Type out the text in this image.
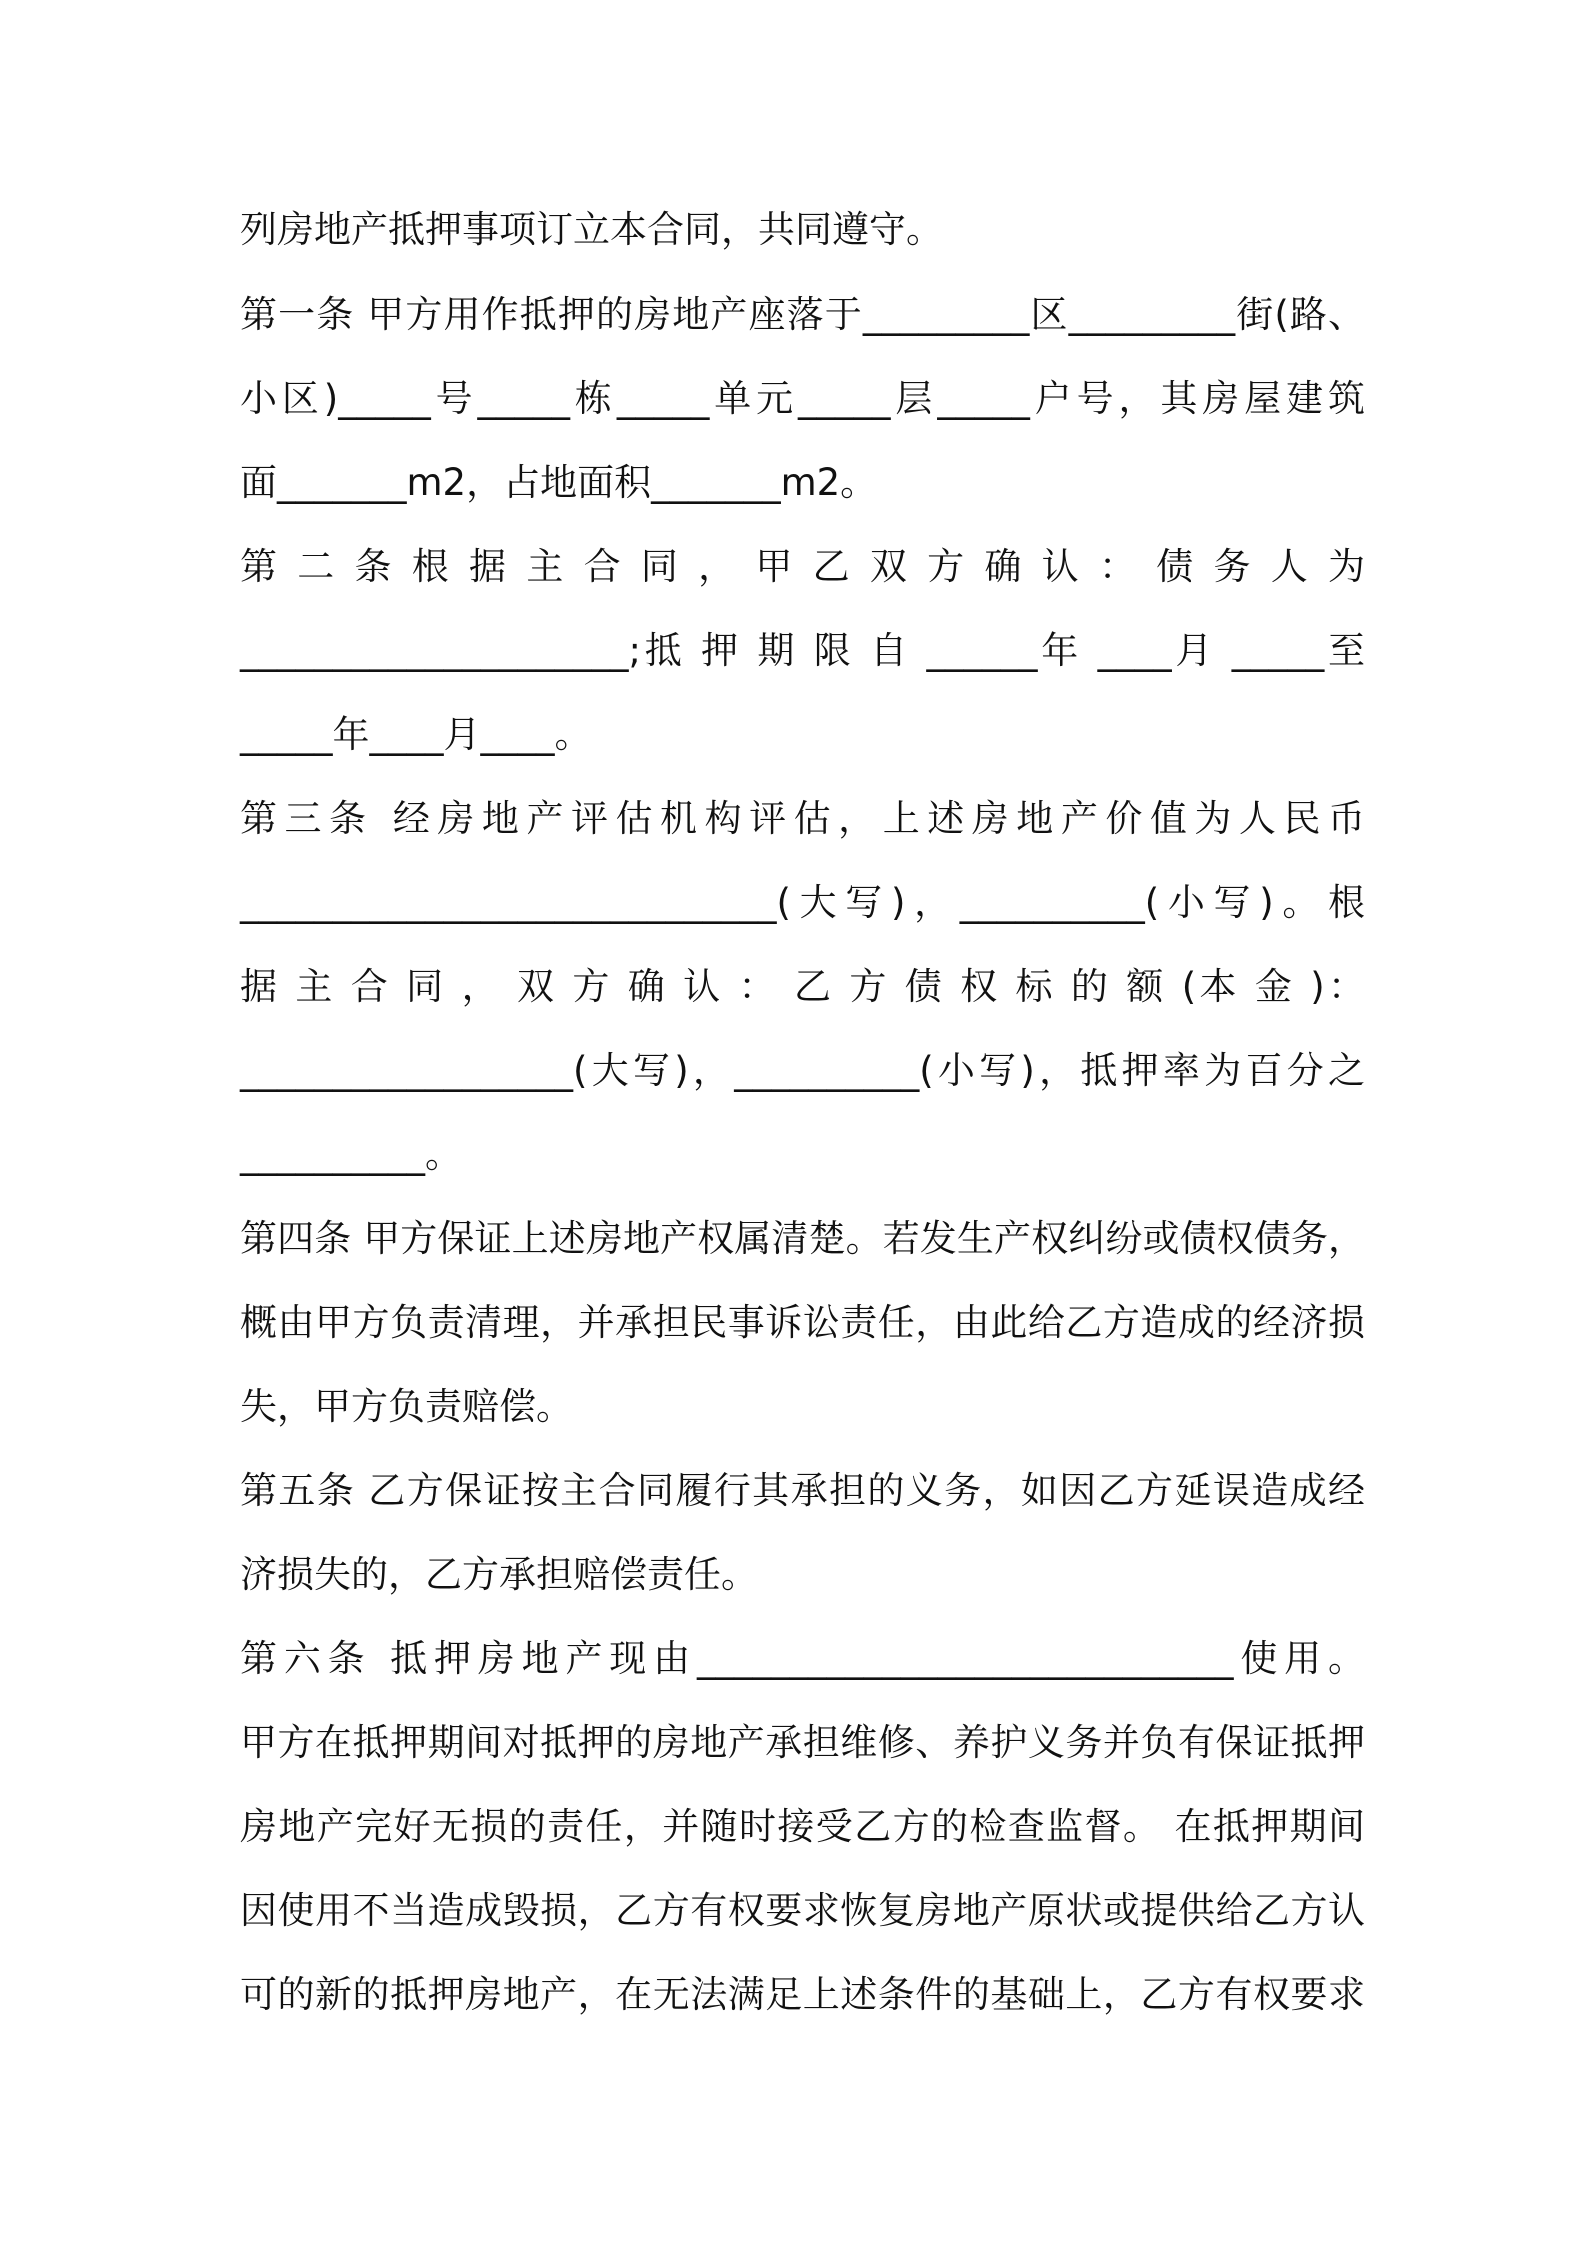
列房地产抵押事项订立本合同，共同遵守。
第一条 甲方用作抵押的房地产座落于_________区_________街(路、
小区)_____号_____栋_____单元_____层_____户号，其房屋建筑
面_______m2，占地面积_______m2。
第 二 条 根 据 主 合 同 ， 甲 乙 双 方 确 认 ： 债 务 人 为
_____________________;抵 押 期 限 自 ______年 ____月 _____至
_____年____月____。
第三条 经房地产评估机构评估，上述房地产价值为人民币
_____________________________(大写)，__________(小写)。根
据 主 合 同 ， 双 方 确 认 ： 乙 方 债 权 标 的 额 (本 金 )：
__________________(大写)，__________(小写)，抵押率为百分之
__________。
第四条 甲方保证上述房地产权属清楚。若发生产权纠纷或债权债务，
概由甲方负责清理，并承担民事诉讼责任，由此给乙方造成的经济损
失，甲方负责赔偿。
第五条 乙方保证按主合同履行其承担的义务，如因乙方延误造成经
济损失的，乙方承担赔偿责任。
第六条 抵押房地产现由_____________________________使用。
甲方在抵押期间对抵押的房地产承担维修、养护义务并负有保证抵押
房地产完好无损的责任，并随时接受乙方的检查监督。 在抵押期间
因使用不当造成毁损，乙方有权要求恢复房地产原状或提供给乙方认
可的新的抵押房地产，在无法满足上述条件的基础上，乙方有权要求
